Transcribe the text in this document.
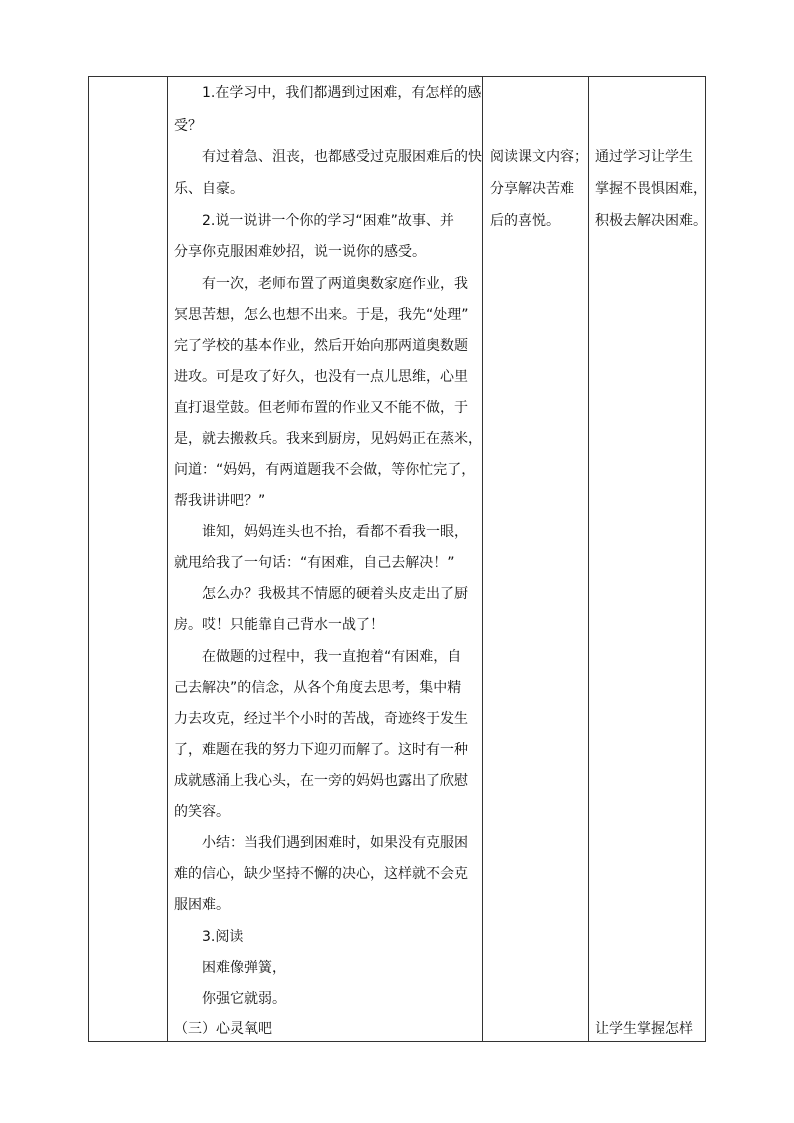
1.在学习中，我们都遇到过困难，有怎样的感
受？
有过着急、沮丧，也都感受过克服困难后的快
乐、自豪。
2.说一说讲一个你的学习“困难”故事、并
分享你克服困难妙招，说一说你的感受。
有一次，老师布置了两道奥数家庭作业，我
冥思苦想，怎么也想不出来。于是，我先“处理”
完了学校的基本作业，然后开始向那两道奥数题
进攻。可是攻了好久，也没有一点儿思维，心里
直打退堂鼓。但老师布置的作业又不能不做，于
是，就去搬救兵。我来到厨房，见妈妈正在蒸米，
问道：“妈妈，有两道题我不会做，等你忙完了，
帮我讲讲吧？”
谁知，妈妈连头也不抬，看都不看我一眼，
就甩给我了一句话：“有困难，自己去解决！”
怎么办？我极其不情愿的硬着头皮走出了厨
房。哎！只能靠自己背水一战了！
在做题的过程中，我一直抱着“有困难，自
己去解决”的信念，从各个角度去思考，集中精
力去攻克，经过半个小时的苦战，奇迹终于发生
了，难题在我的努力下迎刃而解了。这时有一种
成就感涌上我心头，在一旁的妈妈也露出了欣慰
的笑容。
小结：当我们遇到困难时，如果没有克服困
难的信心，缺少坚持不懈的决心，这样就不会克
服困难。
3.阅读
困难像弹簧，
你强它就弱。
（三）心灵氧吧
阅读课文内容；
分享解决苦难
后的喜悦。
通过学习让学生
掌握不畏惧困难，
积极去解决困难。
让学生掌握怎样
